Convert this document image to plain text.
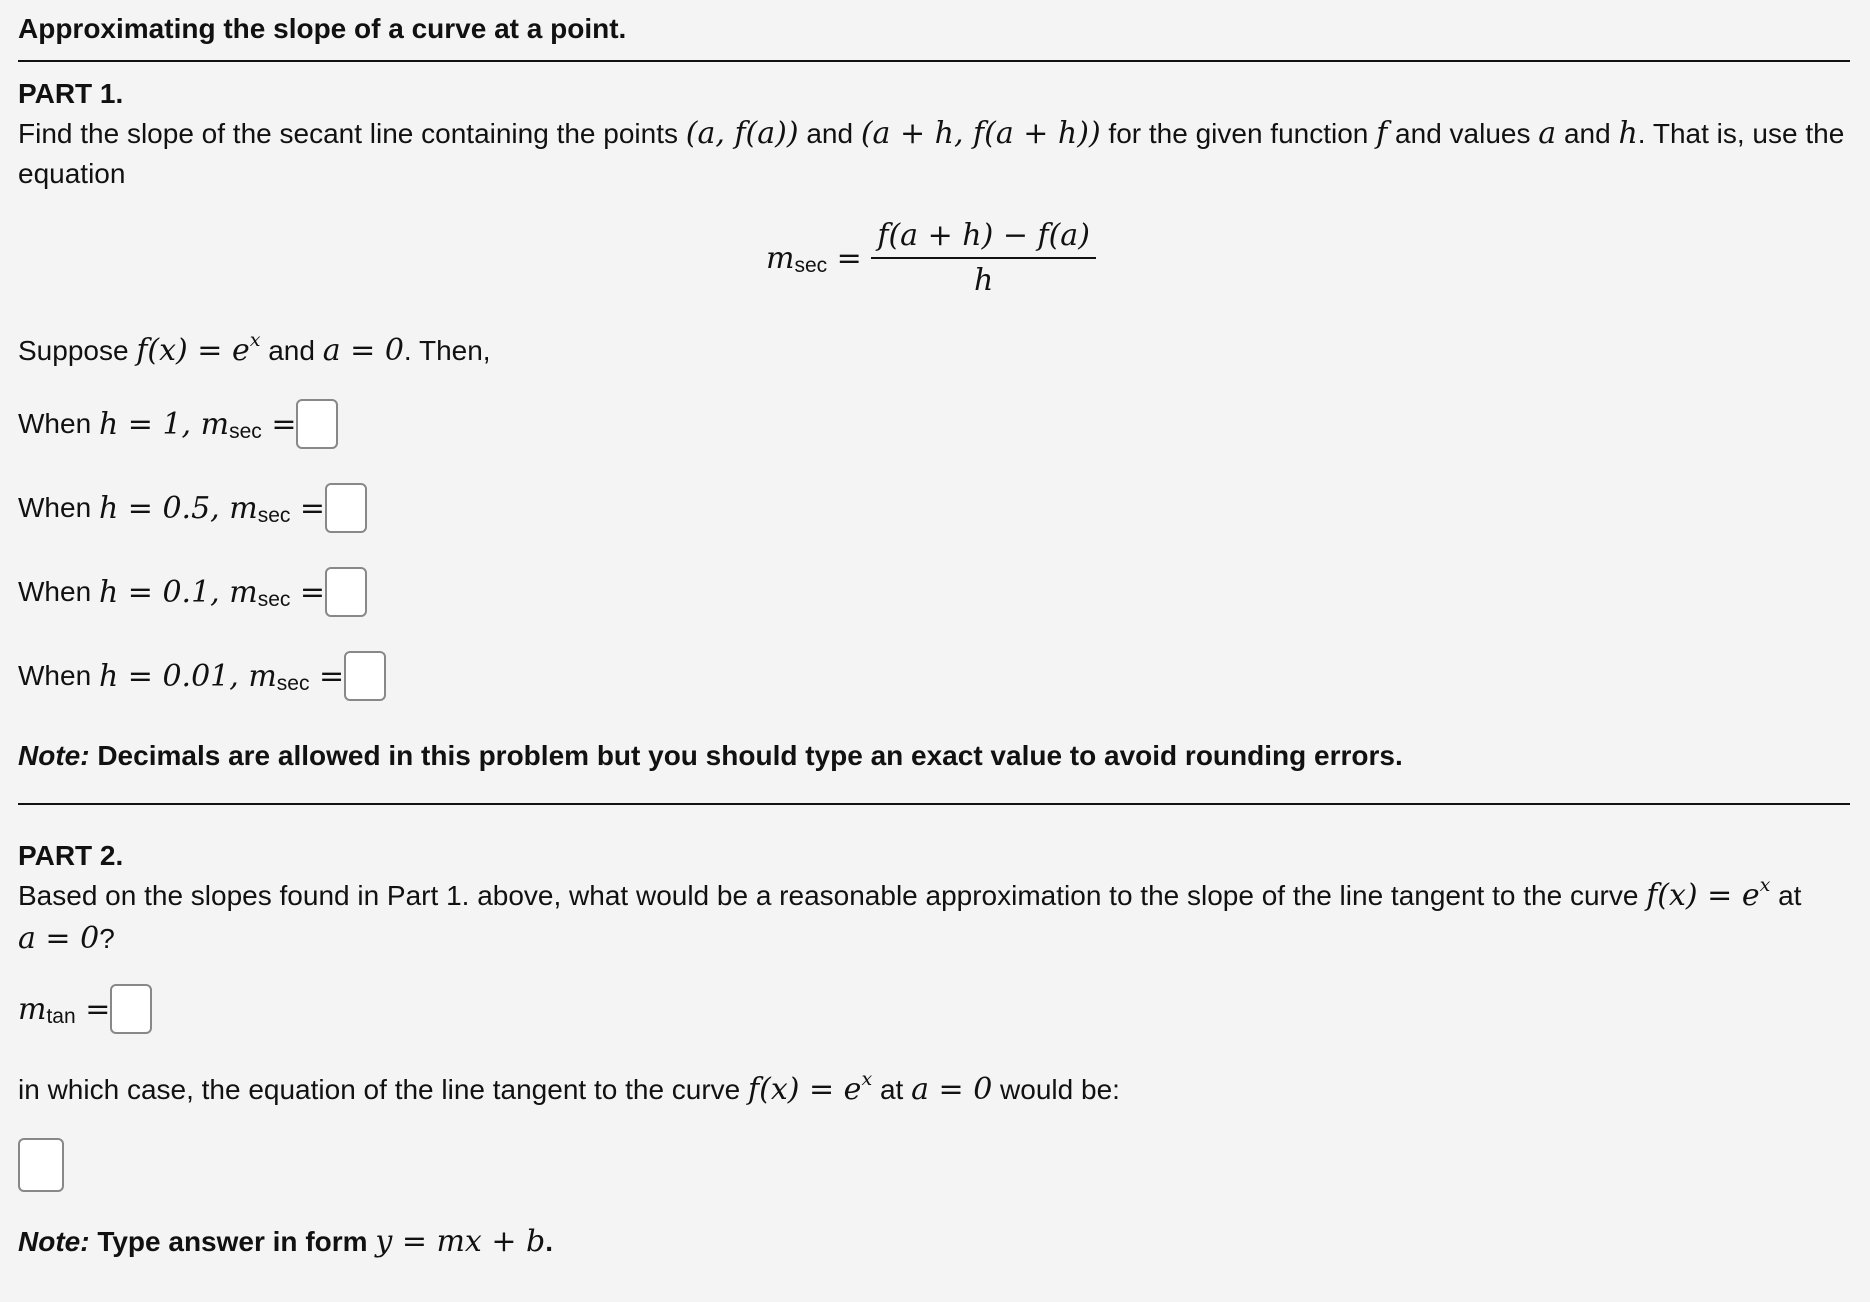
Approximating the slope of a curve at a point.
PART 1.
Find the slope of the secant line containing the points (a, f(a)) and (a + h, f(a + h)) for the given function f and values a and h. That is, use the equation
m $\sec = \frac{f(a + h) - f(a)}{h}$
Suppose $f(x) = e^x$ and a = 0. Then,
When h = 1, m sec =
When h = 0.5, m sec =
When h = 0.1, m sec =
When h = 0.01, m sec =
Note: Decimals are allowed in this problem but you should type an exact value to avoid rounding errors.
PART 2.
Based on the slopes found in Part 1. above, what would be a reasonable approximation to the slope of the line tangent to the curve $f(x) = e^x$ at a = 0?
m tan =
in which case, the equation of the line tangent to the curve $f(x) = e^x$ at a = 0 would be:
Note: Type answer in form y = mx + b.
